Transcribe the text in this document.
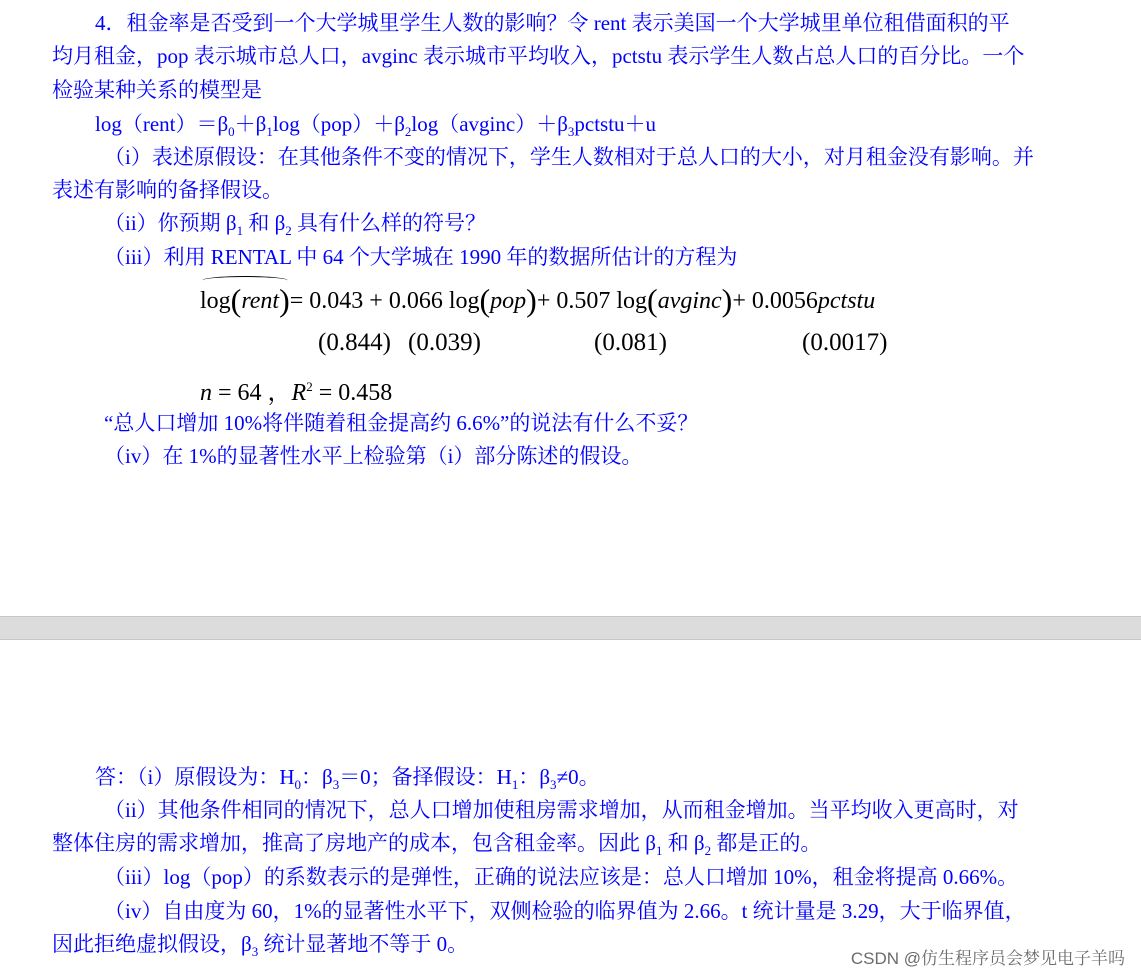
4．租金率是否受到一个大学城里学生人数的影响？令 rent 表示美国一个大学城里单位租借面积的平
均月租金，pop 表示城市总人口，avginc 表示城市平均收入，pctstu 表示学生人数占总人口的百分比。一个
检验某种关系的模型是
$\log(rent)=\beta_0+\beta_1\log(pop)+\beta_2\log(avginc)+\beta_3pctstu+u$
（i）表述原假设：在其他条件不变的情况下，学生人数相对于总人口的大小，对月租金没有影响。并
表述有影响的备择假设。
（ii）你预期 $\beta_1$ 和 $\beta_2$ 具有什么样的符号？
（iii）利用 RENTAL 中 64 个大学城在 1990 年的数据所估计的方程为
log(rent)= 0.043 + 0.066 log(pop)+ 0.507 log(avginc)+ 0.0056pctstu
(0.844) (0.039)	(0.081)	(0.0017)
n = 64 ，$R^2 = 0.458$
“总人口增加 10%将伴随着租金提高约 6.6%”的说法有什么不妥？
（iv）在 1%的显著性水平上检验第（i）部分陈述的假设。
答：（i）原假设为：$H_0$：$\beta_3=0$；备择假设：$H_1$：$\beta_3\ne 0$。
（ii）其他条件相同的情况下，总人口增加使租房需求增加，从而租金增加。当平均收入更高时，对
整体住房的需求增加，推高了房地产的成本，包含租金率。因此 $\beta_1$ 和 $\beta_2$ 都是正的。
（iii）log（pop）的系数表示的是弹性，正确的说法应该是：总人口增加 10%，租金将提高 0.66%。
（iv）自由度为 60，1%的显著性水平下，双侧检验的临界值为 2.66。t 统计量是 3.29，大于临界值，
因此拒绝虚拟假设，$\beta_3$ 统计显著地不等于 0。
CSDN @仿生程序员会梦见电子羊吗
